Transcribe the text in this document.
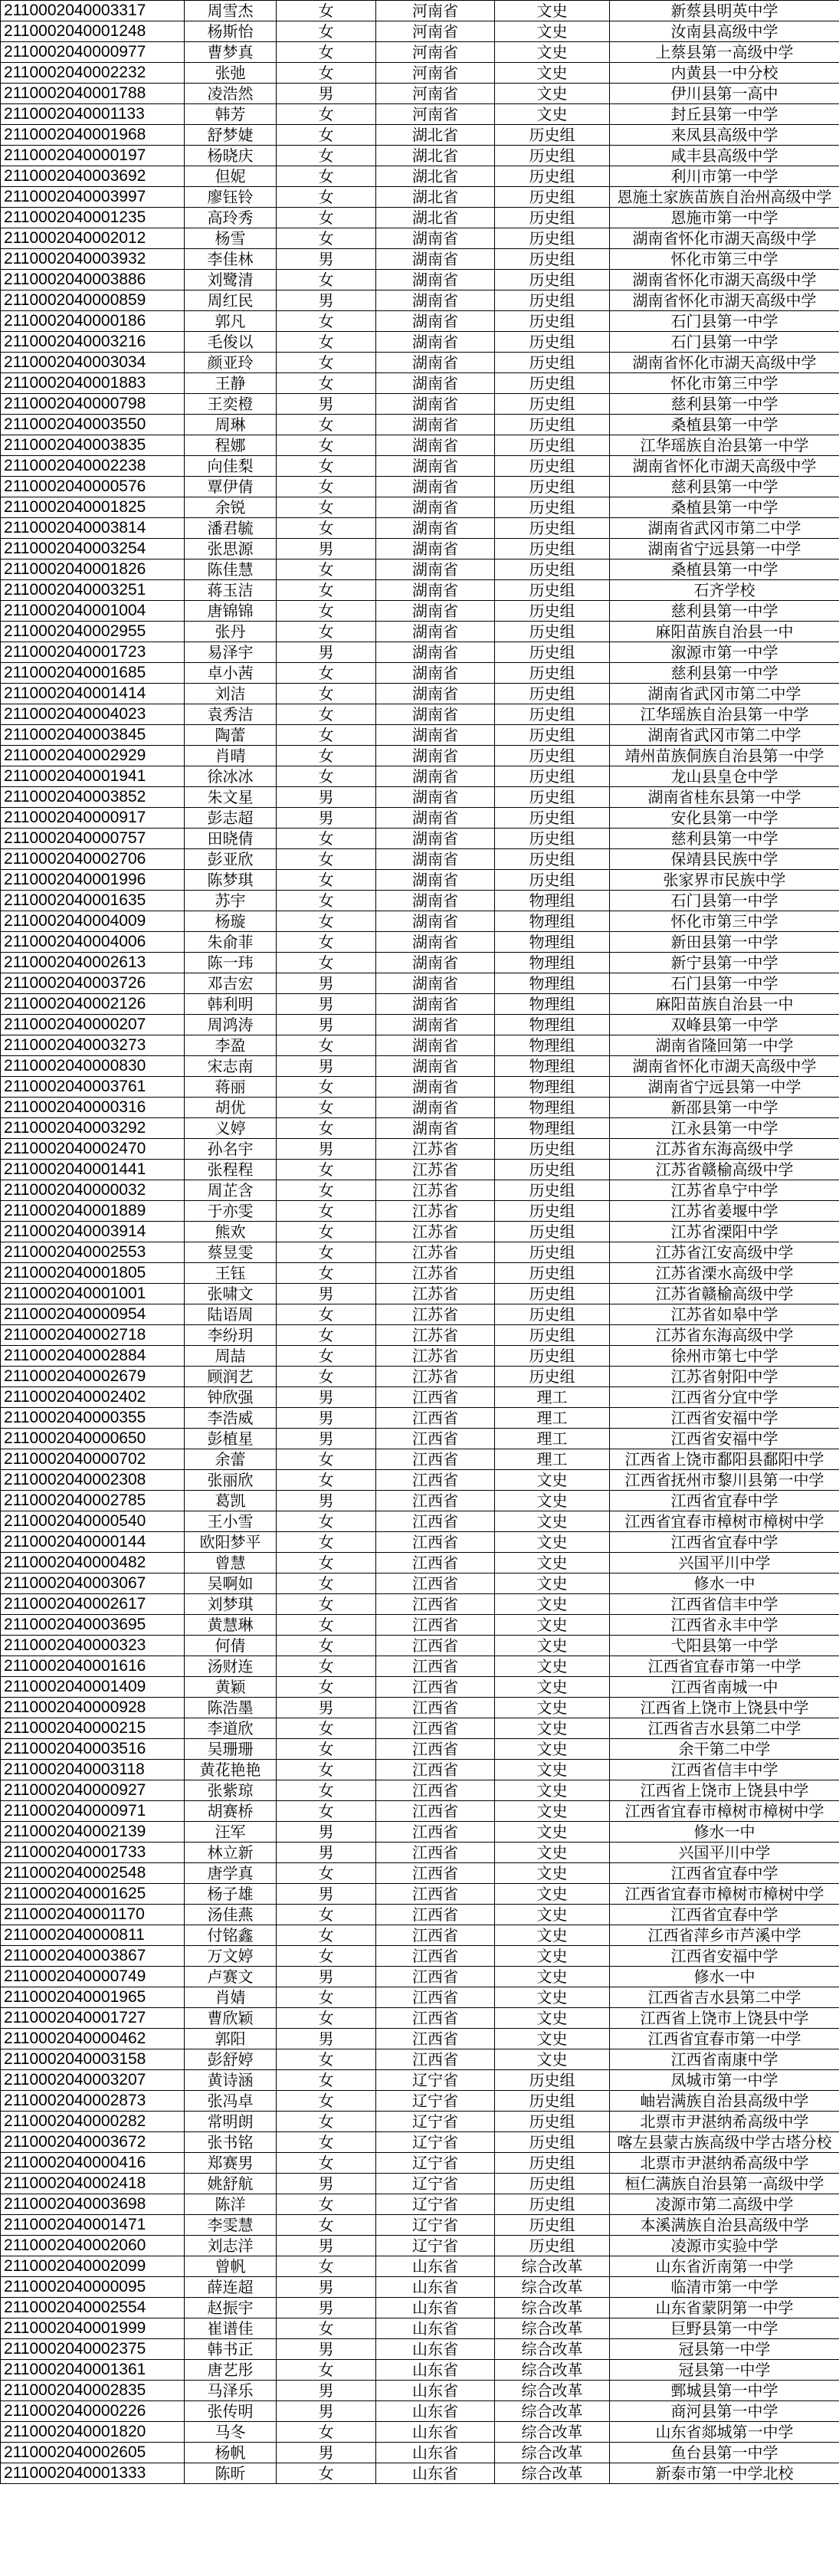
2110002040003317	周雪杰	女	河南省	文史	新蔡县明英中学
2110002040001248	杨斯怡	女	河南省	文史	汝南县高级中学
2110002040000977	曹梦真	女	河南省	文史	上蔡县第一高级中学
2110002040002232	张弛	女	河南省	文史	内黄县一中分校
2110002040001788	凌浩然	男	河南省	文史	伊川县第一高中
2110002040001133	韩芳	女	河南省	文史	封丘县第一中学
2110002040001968	舒梦婕	女	湖北省	历史组	来凤县高级中学
2110002040000197	杨晓庆	女	湖北省	历史组	咸丰县高级中学
2110002040003692	但妮	女	湖北省	历史组	利川市第一中学
2110002040003997	廖钰铃	女	湖北省	历史组	恩施土家族苗族自治州高级中学
2110002040001235	高玲秀	女	湖北省	历史组	恩施市第一中学
2110002040002012	杨雪	女	湖南省	历史组	湖南省怀化市湖天高级中学
2110002040003932	李佳林	男	湖南省	历史组	怀化市第三中学
2110002040003886	刘鹭清	女	湖南省	历史组	湖南省怀化市湖天高级中学
2110002040000859	周红民	男	湖南省	历史组	湖南省怀化市湖天高级中学
2110002040000186	郭凡	女	湖南省	历史组	石门县第一中学
2110002040003216	毛俊以	女	湖南省	历史组	石门县第一中学
2110002040003034	颜亚玲	女	湖南省	历史组	湖南省怀化市湖天高级中学
2110002040001883	王静	女	湖南省	历史组	怀化市第三中学
2110002040000798	王奕橙	男	湖南省	历史组	慈利县第一中学
2110002040003550	周琳	女	湖南省	历史组	桑植县第一中学
2110002040003835	程娜	女	湖南省	历史组	江华瑶族自治县第一中学
2110002040002238	向佳梨	女	湖南省	历史组	湖南省怀化市湖天高级中学
2110002040000576	覃伊倩	女	湖南省	历史组	慈利县第一中学
2110002040001825	余锐	女	湖南省	历史组	桑植县第一中学
2110002040003814	潘君毓	女	湖南省	历史组	湖南省武冈市第二中学
2110002040003254	张思源	男	湖南省	历史组	湖南省宁远县第一中学
2110002040001826	陈佳慧	女	湖南省	历史组	桑植县第一中学
2110002040003251	蒋玉洁	女	湖南省	历史组	石齐学校
2110002040001004	唐锦锦	女	湖南省	历史组	慈利县第一中学
2110002040002955	张丹	女	湖南省	历史组	麻阳苗族自治县一中
2110002040001723	易泽宇	男	湖南省	历史组	溆源市第一中学
2110002040001685	卓小茜	女	湖南省	历史组	慈利县第一中学
2110002040001414	刘洁	女	湖南省	历史组	湖南省武冈市第二中学
2110002040004023	袁秀洁	女	湖南省	历史组	江华瑶族自治县第一中学
2110002040003845	陶蕾	女	湖南省	历史组	湖南省武冈市第二中学
2110002040002929	肖晴	女	湖南省	历史组	靖州苗族侗族自治县第一中学
2110002040001941	徐冰冰	女	湖南省	历史组	龙山县皇仓中学
2110002040003852	朱文星	男	湖南省	历史组	湖南省桂东县第一中学
2110002040000917	彭志超	男	湖南省	历史组	安化县第一中学
2110002040000757	田晓倩	女	湖南省	历史组	慈利县第一中学
2110002040002706	彭亚欣	女	湖南省	历史组	保靖县民族中学
2110002040001996	陈梦琪	女	湖南省	历史组	张家界市民族中学
2110002040001635	苏宇	女	湖南省	物理组	石门县第一中学
2110002040004009	杨璇	女	湖南省	物理组	怀化市第三中学
2110002040004006	朱俞菲	女	湖南省	物理组	新田县第一中学
2110002040002613	陈一玮	女	湖南省	物理组	新宁县第一中学
2110002040003726	邓吉宏	男	湖南省	物理组	石门县第一中学
2110002040002126	韩利明	男	湖南省	物理组	麻阳苗族自治县一中
2110002040000207	周鸿涛	男	湖南省	物理组	双峰县第一中学
2110002040003273	李盈	女	湖南省	物理组	湖南省隆回第一中学
2110002040000830	宋志南	男	湖南省	物理组	湖南省怀化市湖天高级中学
2110002040003761	蒋丽	女	湖南省	物理组	湖南省宁远县第一中学
2110002040000316	胡优	女	湖南省	物理组	新邵县第一中学
2110002040003292	义婷	女	湖南省	物理组	江永县第一中学
2110002040002470	孙名宇	男	江苏省	历史组	江苏省东海高级中学
2110002040001441	张程程	女	江苏省	历史组	江苏省赣榆高级中学
2110002040000032	周芷含	女	江苏省	历史组	江苏省阜宁中学
2110002040001889	于亦雯	女	江苏省	历史组	江苏省姜堰中学
2110002040003914	熊欢	女	江苏省	历史组	江苏省溧阳中学
2110002040002553	蔡昱雯	女	江苏省	历史组	江苏省江安高级中学
2110002040001805	王钰	女	江苏省	历史组	江苏省溧水高级中学
2110002040001001	张啸文	男	江苏省	历史组	江苏省赣榆高级中学
2110002040000954	陆语周	女	江苏省	历史组	江苏省如皋中学
2110002040002718	李纷玥	女	江苏省	历史组	江苏省东海高级中学
2110002040002884	周喆	女	江苏省	历史组	徐州市第七中学
2110002040002679	顾润艺	女	江苏省	历史组	江苏省射阳中学
2110002040002402	钟欣强	男	江西省	理工	江西省分宜中学
2110002040000355	李浩威	男	江西省	理工	江西省安福中学
2110002040000650	彭植星	男	江西省	理工	江西省安福中学
2110002040000702	余蕾	女	江西省	理工	江西省上饶市鄱阳县鄱阳中学
2110002040002308	张丽欣	女	江西省	文史	江西省抚州市黎川县第一中学
2110002040002785	葛凯	男	江西省	文史	江西省宜春中学
2110002040000540	王小雪	女	江西省	文史	江西省宜春市樟树市樟树中学
2110002040000144	欧阳梦平	女	江西省	文史	江西省宜春中学
2110002040000482	曾慧	女	江西省	文史	兴国平川中学
2110002040003067	吴啊如	女	江西省	文史	修水一中
2110002040002617	刘梦琪	女	江西省	文史	江西省信丰中学
2110002040003695	黄慧琳	女	江西省	文史	江西省永丰中学
2110002040000323	何倩	女	江西省	文史	弋阳县第一中学
2110002040001616	汤财连	女	江西省	文史	江西省宜春市第一中学
2110002040001409	黄颖	女	江西省	文史	江西省南城一中
2110002040000928	陈浩墨	男	江西省	文史	江西省上饶市上饶县中学
2110002040000215	李道欣	女	江西省	文史	江西省吉水县第二中学
2110002040003516	吴珊珊	女	江西省	文史	余干第二中学
2110002040003118	黄花艳艳	女	江西省	文史	江西省信丰中学
2110002040000927	张紫琼	女	江西省	文史	江西省上饶市上饶县中学
2110002040000971	胡赛桥	女	江西省	文史	江西省宜春市樟树市樟树中学
2110002040002139	汪军	男	江西省	文史	修水一中
2110002040001733	林立新	男	江西省	文史	兴国平川中学
2110002040002548	唐学真	女	江西省	文史	江西省宜春中学
2110002040001625	杨子雄	男	江西省	文史	江西省宜春市樟树市樟树中学
2110002040001170	汤佳燕	女	江西省	文史	江西省宜春中学
2110002040000811	付铭鑫	女	江西省	文史	江西省萍乡市芦溪中学
2110002040003867	万文婷	女	江西省	文史	江西省安福中学
2110002040000749	卢赛文	男	江西省	文史	修水一中
2110002040001965	肖婧	女	江西省	文史	江西省吉水县第二中学
2110002040001727	曹欣颖	女	江西省	文史	江西省上饶市上饶县中学
2110002040000462	郭阳	男	江西省	文史	江西省宜春市第一中学
2110002040003158	彭舒婷	女	江西省	文史	江西省南康中学
2110002040003207	黄诗涵	女	辽宁省	历史组	凤城市第一中学
2110002040002873	张冯卓	女	辽宁省	历史组	岫岩满族自治县高级中学
2110002040000282	常明朗	女	辽宁省	历史组	北票市尹湛纳希高级中学
2110002040003672	张书铭	女	辽宁省	历史组	喀左县蒙古族高级中学古塔分校
2110002040000416	郑赛男	女	辽宁省	历史组	北票市尹湛纳希高级中学
2110002040002418	姚舒航	男	辽宁省	历史组	桓仁满族自治县第一高级中学
2110002040003698	陈洋	女	辽宁省	历史组	凌源市第二高级中学
2110002040001471	李雯慧	女	辽宁省	历史组	本溪满族自治县高级中学
2110002040002060	刘志洋	男	辽宁省	历史组	凌源市实验中学
2110002040002099	曾帆	女	山东省	综合改革	山东省沂南第一中学
2110002040000095	薛连超	男	山东省	综合改革	临清市第一中学
2110002040002554	赵振宇	男	山东省	综合改革	山东省蒙阴第一中学
2110002040001999	崔谱佳	女	山东省	综合改革	巨野县第一中学
2110002040002375	韩书正	男	山东省	综合改革	冠县第一中学
2110002040001361	唐艺彤	女	山东省	综合改革	冠县第一中学
2110002040002835	马泽乐	男	山东省	综合改革	鄄城县第一中学
2110002040000226	张传明	男	山东省	综合改革	商河县第一中学
2110002040001820	马冬	女	山东省	综合改革	山东省郯城第一中学
2110002040002605	杨帆	男	山东省	综合改革	鱼台县第一中学
2110002040001333	陈昕	女	山东省	综合改革	新泰市第一中学北校
